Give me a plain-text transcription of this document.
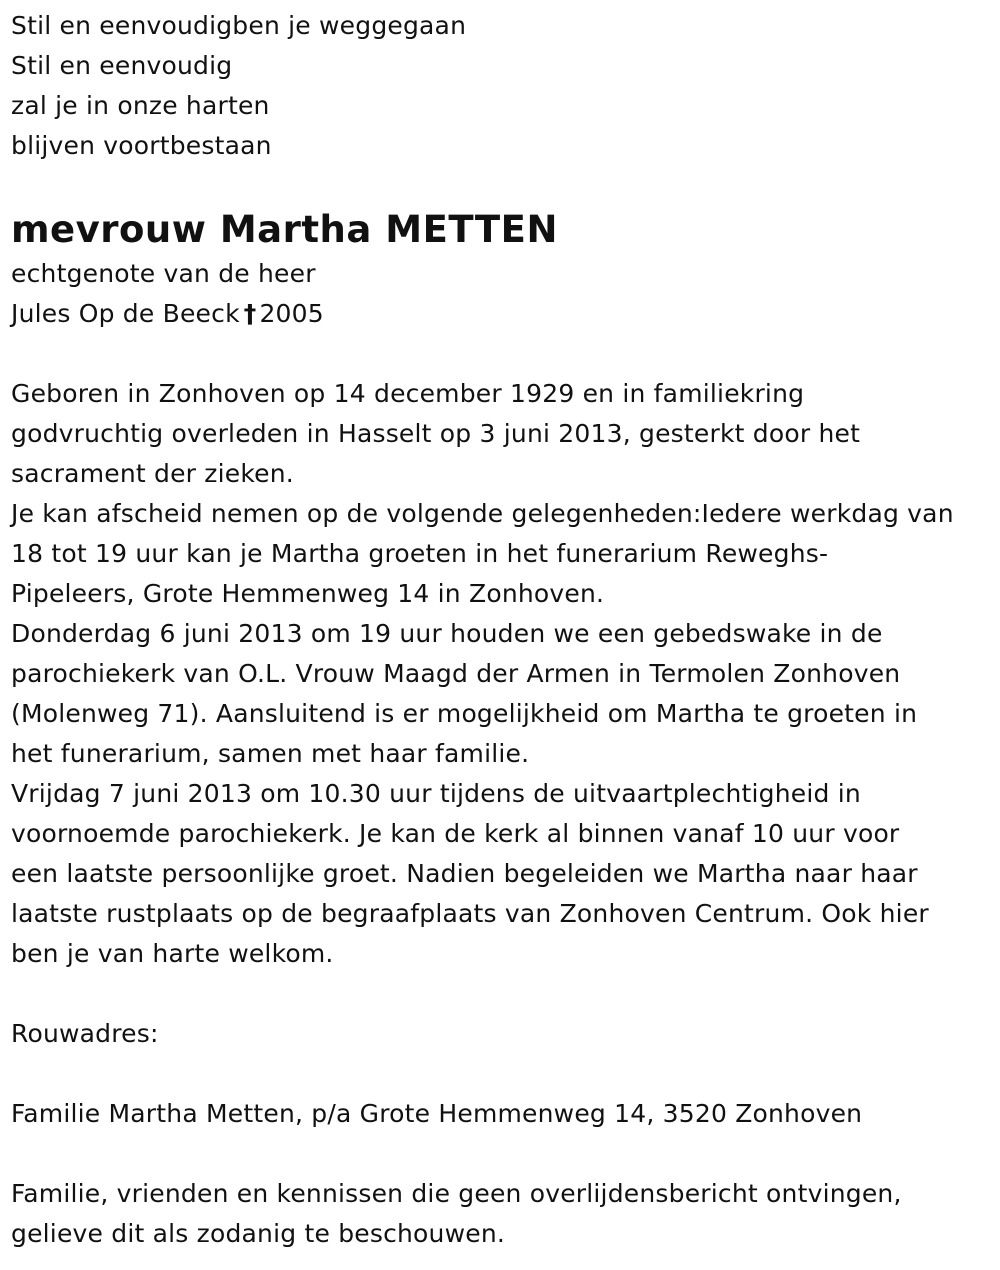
Stil en eenvoudigben je weggegaan
Stil en eenvoudig
zal je in onze harten
blijven voortbestaan
mevrouw Martha METTEN
echtgenote van de heer
Jules Op de Beeck † 2005
Geboren in Zonhoven op 14 december 1929 en in familiekring
godvruchtig overleden in Hasselt op 3 juni 2013, gesterkt door het
sacrament der zieken.
Je kan afscheid nemen op de volgende gelegenheden:Iedere werkdag van
18 tot 19 uur kan je Martha groeten in het funerarium Reweghs-
Pipeleers, Grote Hemmenweg 14 in Zonhoven.
Donderdag 6 juni 2013 om 19 uur houden we een gebedswake in de
parochiekerk van O.L. Vrouw Maagd der Armen in Termolen Zonhoven
(Molenweg 71). Aansluitend is er mogelijkheid om Martha te groeten in
het funerarium, samen met haar familie.
Vrijdag 7 juni 2013 om 10.30 uur tijdens de uitvaartplechtigheid in
voornoemde parochiekerk. Je kan de kerk al binnen vanaf 10 uur voor
een laatste persoonlijke groet. Nadien begeleiden we Martha naar haar
laatste rustplaats op de begraafplaats van Zonhoven Centrum. Ook hier
ben je van harte welkom.
Rouwadres:
Familie Martha Metten, p/a Grote Hemmenweg 14, 3520 Zonhoven
Familie, vrienden en kennissen die geen overlijdensbericht ontvingen,
gelieve dit als zodanig te beschouwen.
